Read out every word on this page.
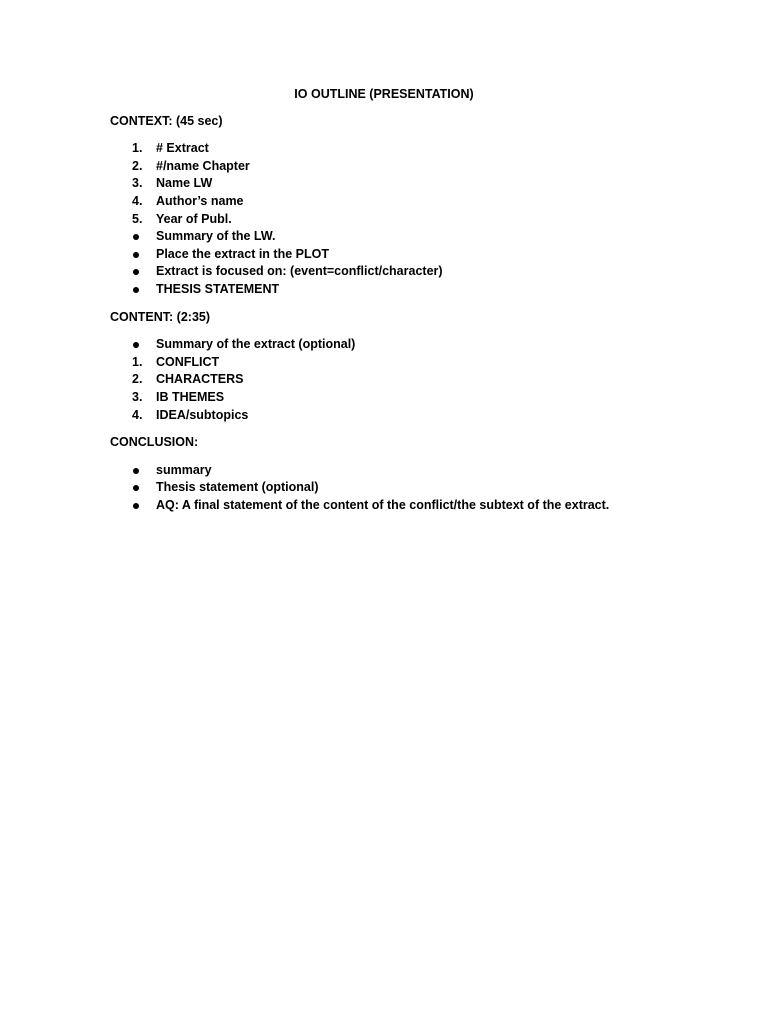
IO OUTLINE (PRESENTATION)
CONTEXT: (45 sec)
1.	# Extract
2.	#/name Chapter
3.	Name LW
4.	Author’s name
5.	Year of Publ.
Summary of the LW.
Place the extract in the PLOT
Extract is focused on: (event=conflict/character)
THESIS STATEMENT
CONTENT: (2:35)
Summary of the extract (optional)
1.	CONFLICT
2.	CHARACTERS
3.	IB THEMES
4.	IDEA/subtopics
CONCLUSION:
summary
Thesis statement (optional)
AQ: A final statement of the content of the conflict/the subtext of the extract.
